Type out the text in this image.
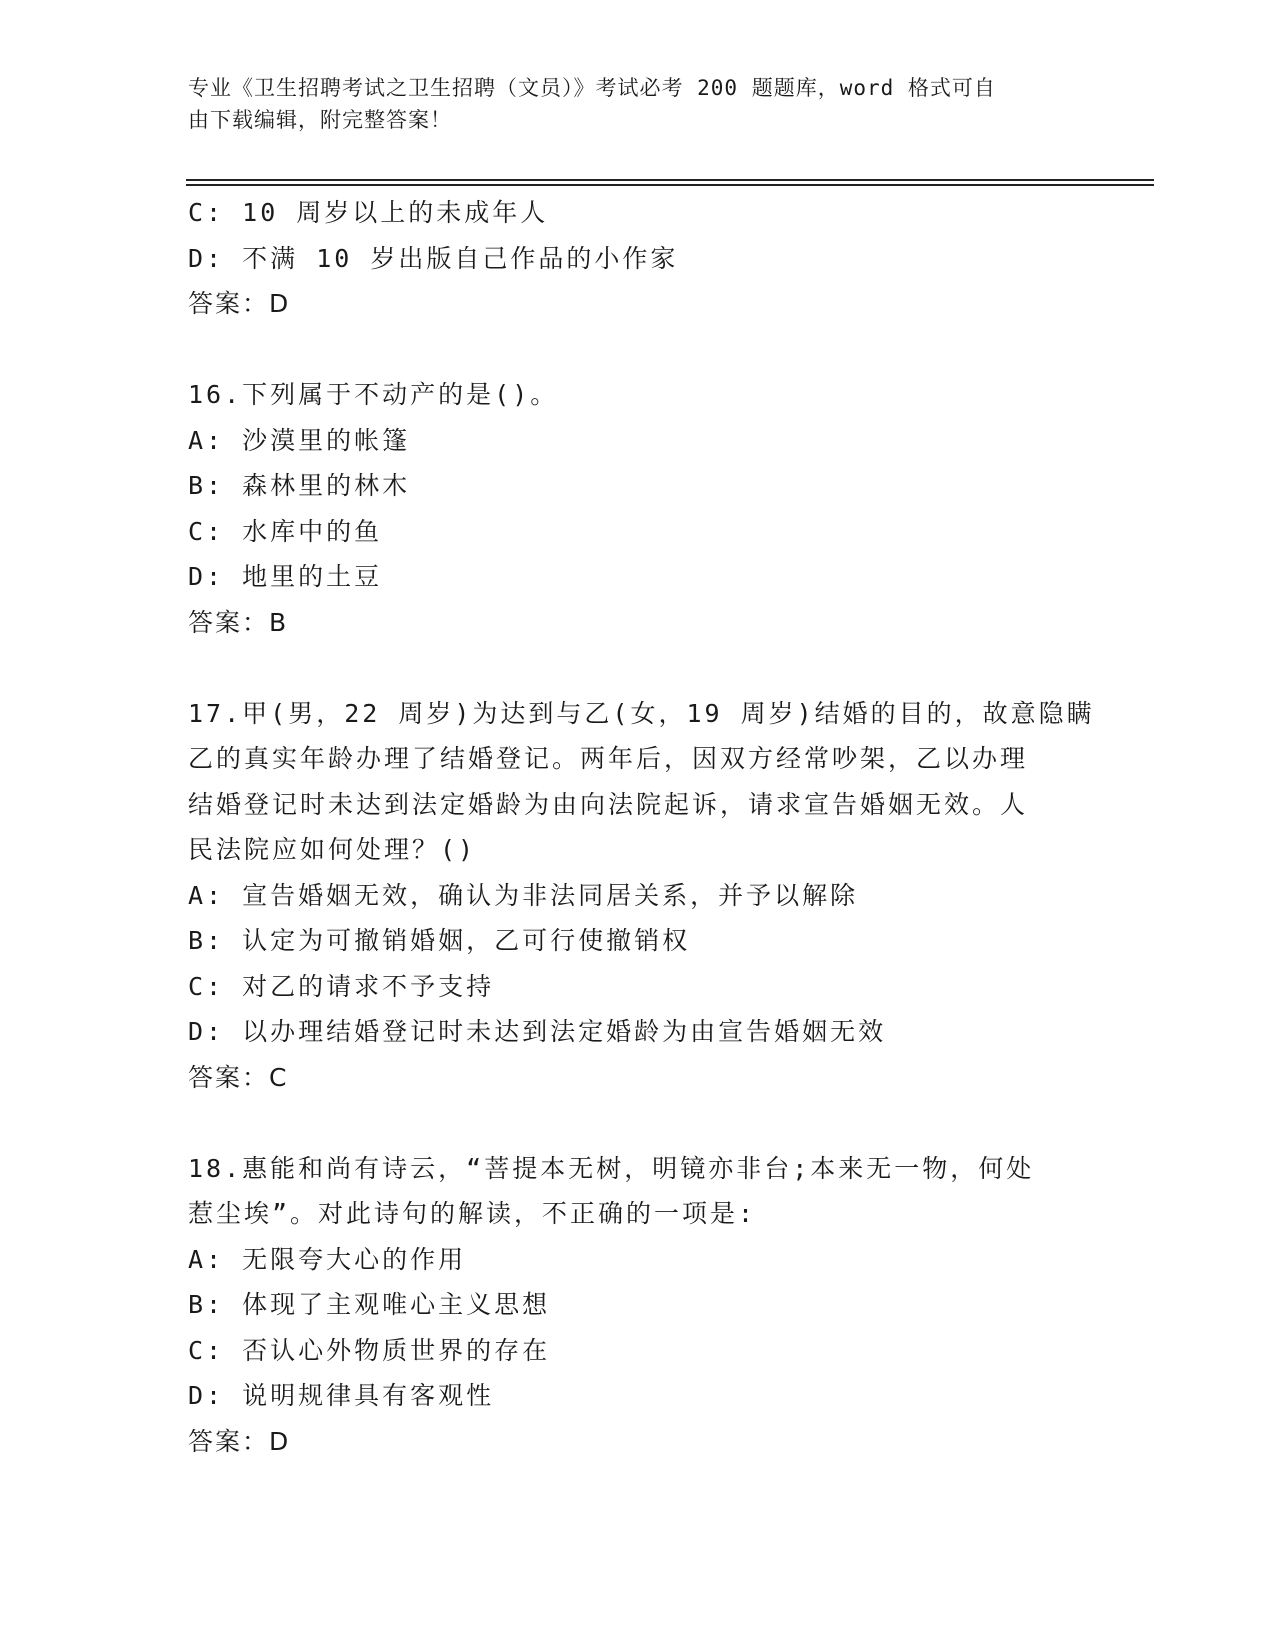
专业《卫生招聘考试之卫生招聘（文员）》考试必考 200 题题库，word 格式可自
由下载编辑，附完整答案！
C: 10 周岁以上的未成年人
D: 不满 10 岁出版自己作品的小作家
答案：D
16.下列属于不动产的是()。
A: 沙漠里的帐篷
B: 森林里的林木
C: 水库中的鱼
D: 地里的土豆
答案：B
17.甲(男，22 周岁)为达到与乙(女，19 周岁)结婚的目的，故意隐瞒
乙的真实年龄办理了结婚登记。两年后，因双方经常吵架，乙以办理
结婚登记时未达到法定婚龄为由向法院起诉，请求宣告婚姻无效。人
民法院应如何处理？()
A: 宣告婚姻无效，确认为非法同居关系，并予以解除
B: 认定为可撤销婚姻，乙可行使撤销权
C: 对乙的请求不予支持
D: 以办理结婚登记时未达到法定婚龄为由宣告婚姻无效
答案：C
18.惠能和尚有诗云，“菩提本无树，明镜亦非台;本来无一物，何处
惹尘埃”。对此诗句的解读，不正确的一项是:
A: 无限夸大心的作用
B: 体现了主观唯心主义思想
C: 否认心外物质世界的存在
D: 说明规律具有客观性
答案：D
